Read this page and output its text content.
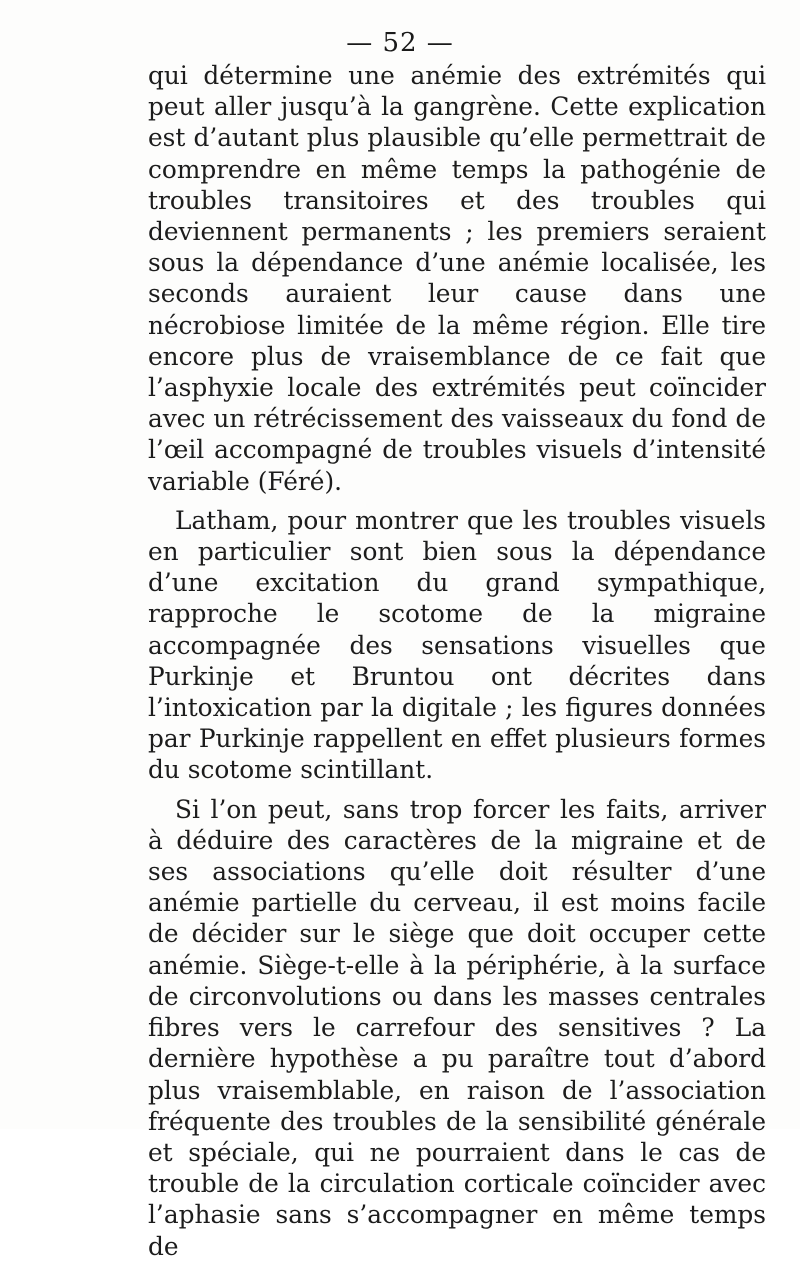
— 52 —

qui détermine une anémie des extrémités qui peut aller jusqu’à la gangrène. Cette explication est d’autant plus plausible qu’elle permettrait de comprendre en même temps la pathogénie de troubles transitoires et des troubles qui deviennent permanents ; les premiers seraient sous la dépendance d’une anémie localisée, les seconds auraient leur cause dans une nécrobiose limitée de la même région. Elle tire encore plus de vraisemblance de ce fait que l’asphyxie locale des extrémités peut coïncider avec un rétrécissement des vaisseaux du fond de l’œil accompagné de troubles visuels d’intensité variable (Féré).

Latham, pour montrer que les troubles visuels en particulier sont bien sous la dépendance d’une excitation du grand sympathique, rapproche le scotome de la migraine accompagnée des sensations visuelles que Purkinje et Bruntou ont décrites dans l’intoxication par la digitale ; les figures données par Purkinje rappellent en effet plusieurs formes du scotome scintillant.

Si l’on peut, sans trop forcer les faits, arriver à déduire des caractères de la migraine et de ses associations qu’elle doit résulter d’une anémie partielle du cerveau, il est moins facile de décider sur le siège que doit occuper cette anémie. Siège-t-elle à la périphérie, à la surface de circonvolutions ou dans les masses centrales fibres vers le carrefour des sensitives ? La dernière hypothèse a pu paraître tout d’abord plus vraisemblable, en raison de l’association fréquente des troubles de la sensibilité générale et spéciale, qui ne pourraient dans le cas de trouble de la circulation corticale coïncider avec l’aphasie sans s’accompagner en même temps de
